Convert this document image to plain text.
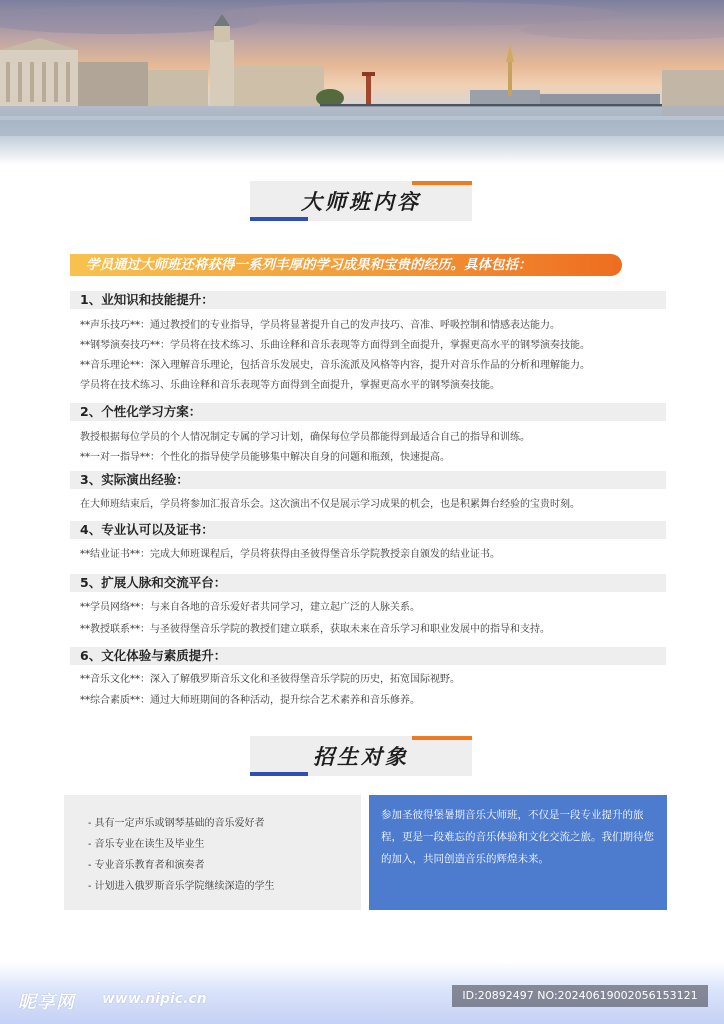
大师班内容
学员通过大师班还将获得一系列丰厚的学习成果和宝贵的经历。具体包括：
1、业知识和技能提升：
**声乐技巧**：通过教授们的专业指导，学员将显著提升自己的发声技巧、音准、呼吸控制和情感表达能力。
**钢琴演奏技巧**：学员将在技术练习、乐曲诠释和音乐表现等方面得到全面提升，掌握更高水平的钢琴演奏技能。
**音乐理论**：深入理解音乐理论，包括音乐发展史，音乐流派及风格等内容，提升对音乐作品的分析和理解能力。
学员将在技术练习、乐曲诠释和音乐表现等方面得到全面提升，掌握更高水平的钢琴演奏技能。
2、个性化学习方案：
教授根据每位学员的个人情况制定专属的学习计划，确保每位学员都能得到最适合自己的指导和训练。
**一对一指导**：个性化的指导使学员能够集中解决自身的问题和瓶颈，快速提高。
3、实际演出经验：
在大师班结束后，学员将参加汇报音乐会。这次演出不仅是展示学习成果的机会，也是积累舞台经验的宝贵时刻。
4、专业认可以及证书：
**结业证书**：完成大师班课程后，学员将获得由圣彼得堡音乐学院教授亲自颁发的结业证书。
5、扩展人脉和交流平台：
**学员网络**：与来自各地的音乐爱好者共同学习，建立起广泛的人脉关系。
**教授联系**：与圣彼得堡音乐学院的教授们建立联系，获取未来在音乐学习和职业发展中的指导和支持。
6、文化体验与素质提升：
**音乐文化**：深入了解俄罗斯音乐文化和圣彼得堡音乐学院的历史，拓宽国际视野。
**综合素质**：通过大师班期间的各种活动，提升综合艺术素养和音乐修养。
招生对象
- 具有一定声乐或钢琴基础的音乐爱好者
- 音乐专业在读生及毕业生
- 专业音乐教育者和演奏者
- 计划进入俄罗斯音乐学院继续深造的学生
参加圣彼得堡暑期音乐大师班，不仅是一段专业提升的旅程，更是一段难忘的音乐体验和文化交流之旅。我们期待您的加入，共同创造音乐的辉煌未来。
昵享网 www.nipic.cn	ID:20892497 NO:20240619002056153121
